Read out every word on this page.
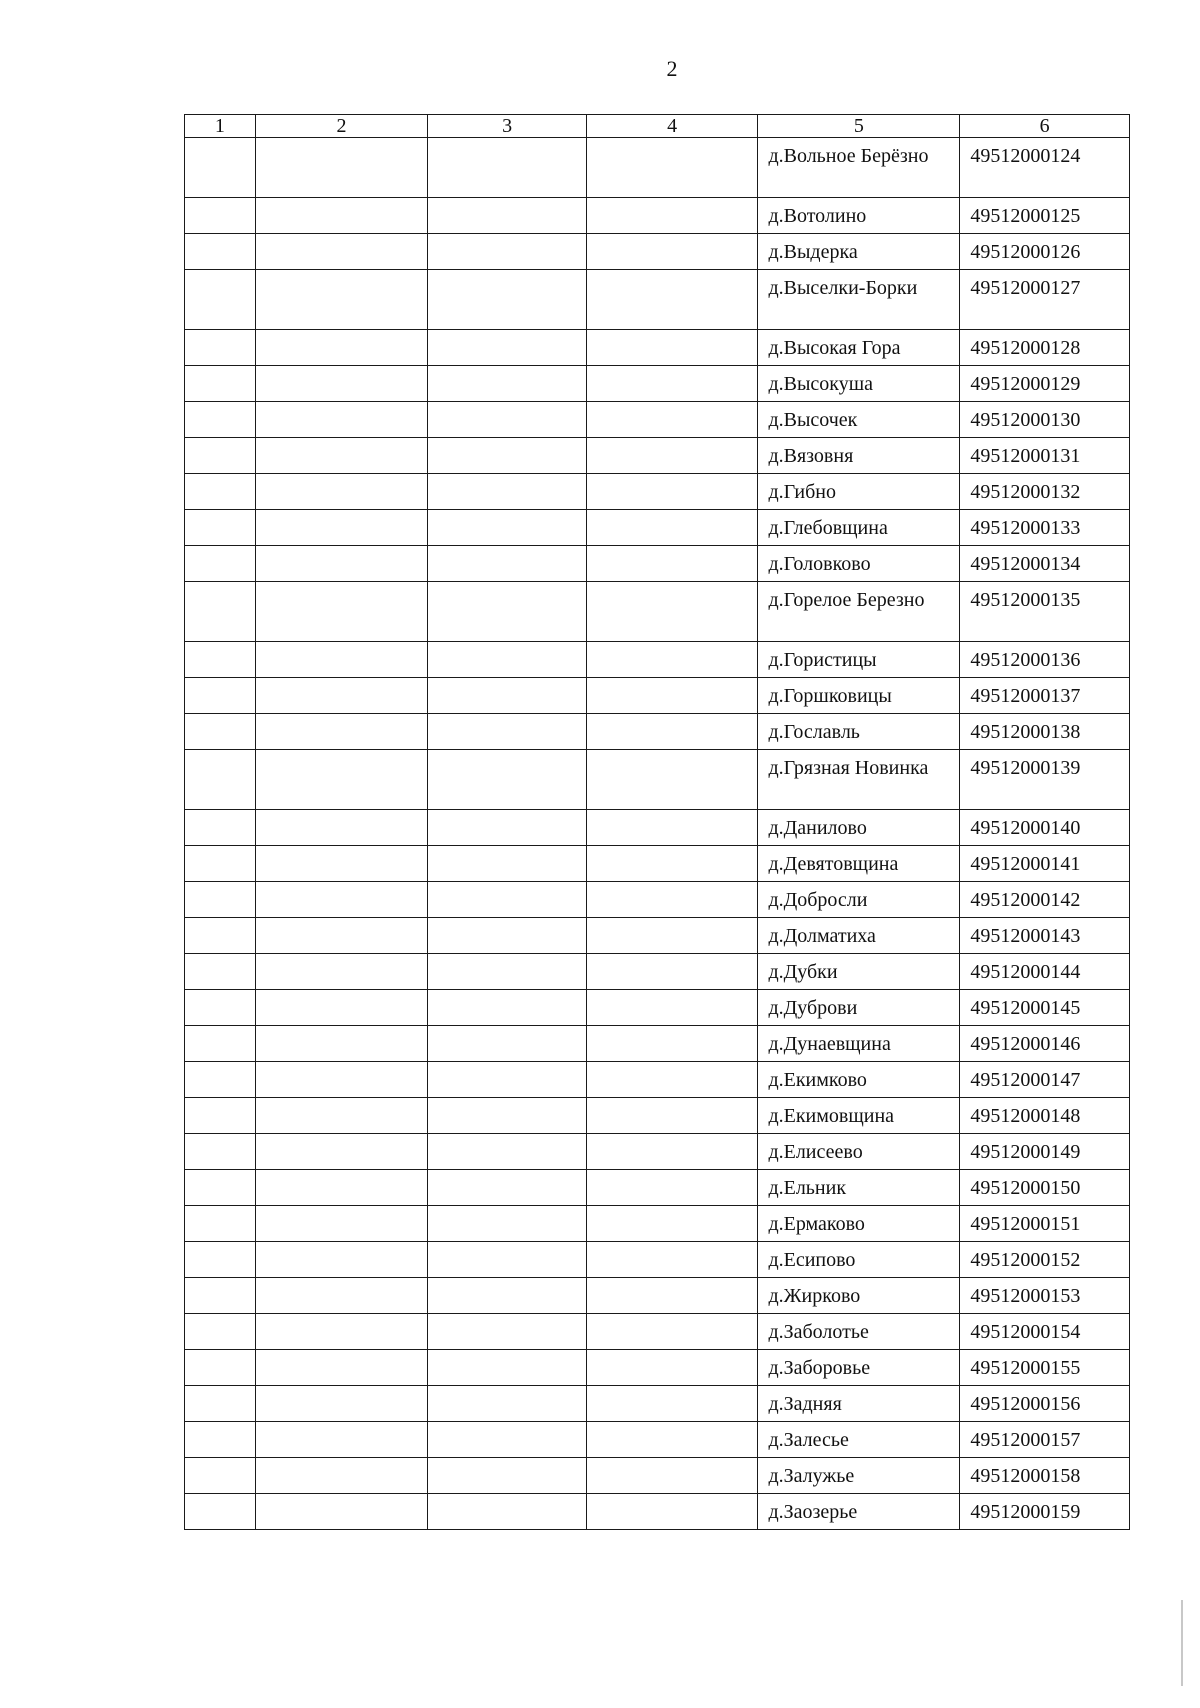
2
1	2	3	4	5	6
				д.Вольное Берёзно	49512000124
				д.Вотолино	49512000125
				д.Выдерка	49512000126
				д.Выселки-Борки	49512000127
				д.Высокая Гора	49512000128
				д.Высокуша	49512000129
				д.Высочек	49512000130
				д.Вязовня	49512000131
				д.Гибно	49512000132
				д.Глебовщина	49512000133
				д.Головково	49512000134
				д.Горелое Березно	49512000135
				д.Гористицы	49512000136
				д.Горшковицы	49512000137
				д.Гославль	49512000138
				д.Грязная Новинка	49512000139
				д.Данилово	49512000140
				д.Девятовщина	49512000141
				д.Добросли	49512000142
				д.Долматиха	49512000143
				д.Дубки	49512000144
				д.Дуброви	49512000145
				д.Дунаевщина	49512000146
				д.Екимково	49512000147
				д.Екимовщина	49512000148
				д.Елисеево	49512000149
				д.Ельник	49512000150
				д.Ермаково	49512000151
				д.Есипово	49512000152
				д.Жирково	49512000153
				д.Заболотье	49512000154
				д.Заборовье	49512000155
				д.Задняя	49512000156
				д.Залесье	49512000157
				д.Залужье	49512000158
				д.Заозерье	49512000159
